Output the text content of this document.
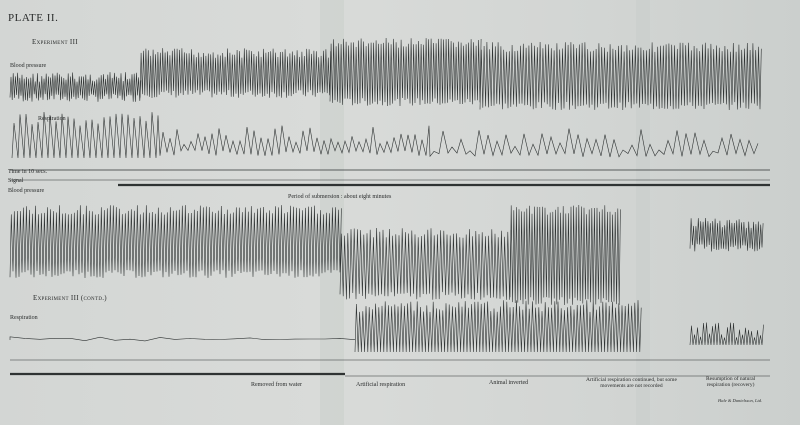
PLATE II.
Experiment III
Blood pressure
Respiration
Time in 10 secs.
Signal
Blood pressure
Period of submersion : about eight minutes
Experiment III (contd.)
Respiration
Removed from water	Artificial respiration	Animal inverted	Artificial respiration continued, but some
movements are not recorded
Resumption of natural
respiration (recovery)
Hale & Danielsson, Ltd.
